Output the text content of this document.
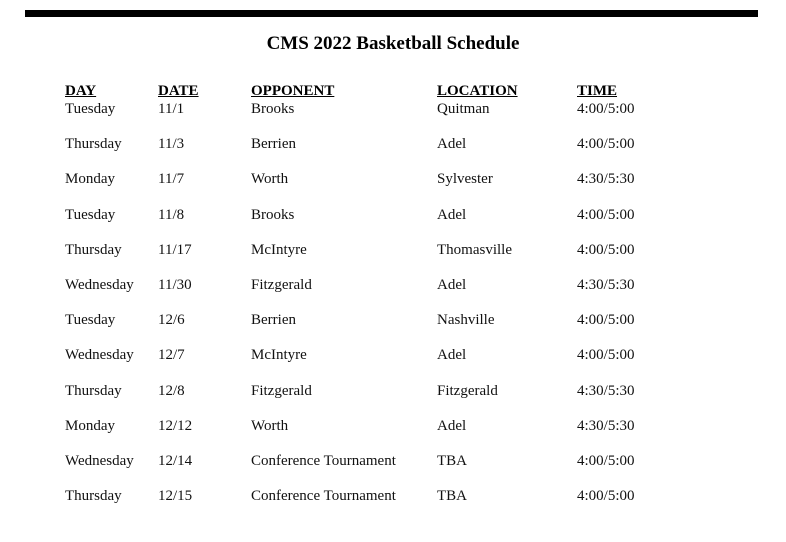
CMS 2022 Basketball Schedule
DAY	DATE	OPPONENT	LOCATION	TIME
Tuesday	11/1	Brooks	Quitman	4:00/5:00
Thursday 11/3	Berrien	Adel	4:00/5:00
Monday	11/7	Worth	Sylvester	4:30/5:30
Tuesday	11/8	Brooks	Adel	4:00/5:00
Thursday 11/17	McIntyre	Thomasville	4:00/5:00
Wednesday 11/30	Fitzgerald	Adel	4:30/5:30
Tuesday	12/6	Berrien	Nashville	4:00/5:00
Wednesday 12/7	McIntyre	Adel	4:00/5:00
Thursday 12/8	Fitzgerald	Fitzgerald	4:30/5:30
Monday	12/12	Worth	Adel	4:30/5:30
Wednesday 12/14	Conference Tournament	TBA	4:00/5:00
Thursday 12/15	Conference Tournament	TBA	4:00/5:00
